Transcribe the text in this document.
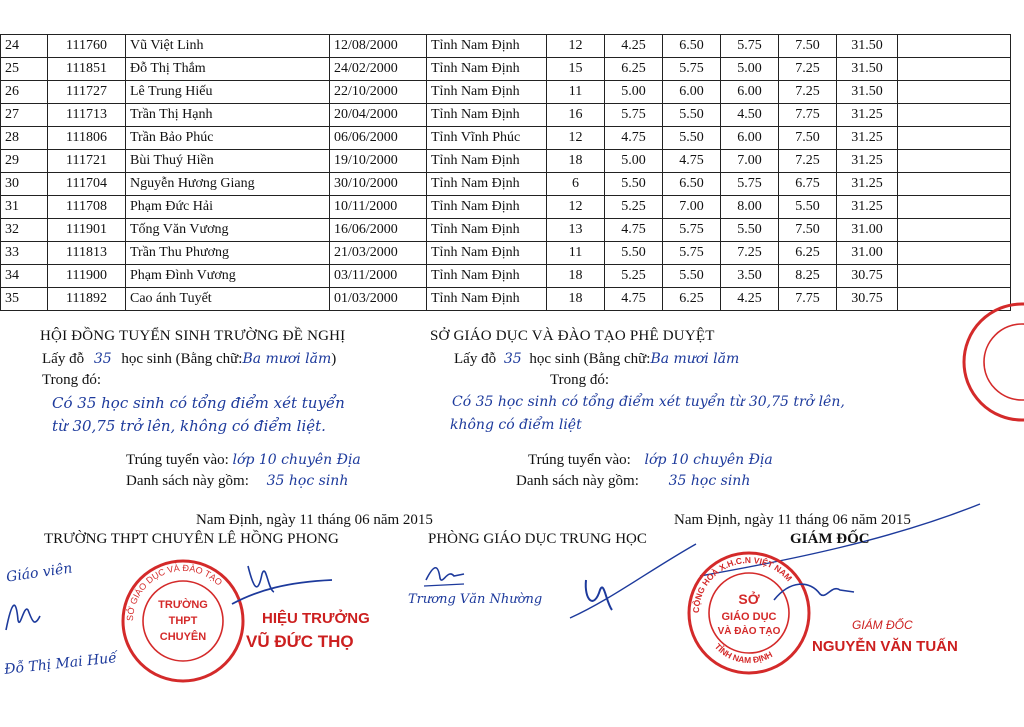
24	111760	Vũ Việt Linh	12/08/2000	Tỉnh Nam Định	12	4.25	6.50	5.75	7.50	31.50	
25	111851	Đỗ Thị Thắm	24/02/2000	Tỉnh Nam Định	15	6.25	5.75	5.00	7.25	31.50	
26	111727	Lê Trung Hiếu	22/10/2000	Tỉnh Nam Định	11	5.00	6.00	6.00	7.25	31.50	
27	111713	Trần Thị Hạnh	20/04/2000	Tỉnh Nam Định	16	5.75	5.50	4.50	7.75	31.25	
28	111806	Trần Bảo Phúc	06/06/2000	Tỉnh Vĩnh Phúc	12	4.75	5.50	6.00	7.50	31.25	
29	111721	Bùi Thuý Hiền	19/10/2000	Tỉnh Nam Định	18	5.00	4.75	7.00	7.25	31.25	
30	111704	Nguyễn Hương Giang	30/10/2000	Tỉnh Nam Định	6	5.50	6.50	5.75	6.75	31.25	
31	111708	Phạm Đức Hải	10/11/2000	Tỉnh Nam Định	12	5.25	7.00	8.00	5.50	31.25	
32	111901	Tống Văn Vương	16/06/2000	Tỉnh Nam Định	13	4.75	5.75	5.50	7.50	31.00	
33	111813	Trần Thu Phương	21/03/2000	Tỉnh Nam Định	11	5.50	5.75	7.25	6.25	31.00	
34	111900	Phạm Đình Vương	03/11/2000	Tỉnh Nam Định	18	5.25	5.50	3.50	8.25	30.75	
35	111892	Cao ánh Tuyết	01/03/2000	Tỉnh Nam Định	18	4.75	6.25	4.25	7.75	30.75	
HỘI ĐỒNG TUYỂN SINH TRƯỜNG ĐỀ NGHỊ
Lấy đỗ 35 học sinh (Bằng chữ:Ba mươi lăm)
Trong đó:
Có 35 học sinh có tổng điểm xét tuyển
từ 30,75 trở lên, không có điểm liệt.
Trúng tuyển vào: lớp 10 chuyên Địa
Danh sách này gồm: 35 học sinh
Nam Định, ngày 11 tháng 06 năm 2015
TRƯỜNG THPT CHUYÊN LÊ HỒNG PHONG
Giáo viên
Đỗ Thị Mai Huế
SỞ GIÁO DỤC VÀ ĐÀO TẠO
TRƯỜNG
THPT
CHUYÊN
HIỆU TRƯỞNG
VŨ ĐỨC THỌ
SỞ GIÁO DỤC VÀ ĐÀO TẠO PHÊ DUYỆT
Lấy đỗ 35 học sinh (Bằng chữ:Ba mươi lăm
Trong đó:
Có 35 học sinh có tổng điểm xét tuyển từ 30,75 trở lên,
không có điểm liệt
Trúng tuyển vào: lớp 10 chuyên Địa
Danh sách này gồm: 35 học sinh
Nam Định, ngày 11 tháng 06 năm 2015
PHÒNG GIÁO DỤC TRUNG HỌC	GIÁM ĐỐC
Trương Văn Nhường
CỘNG HOÀ X.H.C.N VIỆT NAM
TỈNH NAM ĐỊNH
SỞ
GIÁO DỤC
VÀ ĐÀO TẠO	GIÁM ĐỐC
NGUYỄN VĂN TUẤN
